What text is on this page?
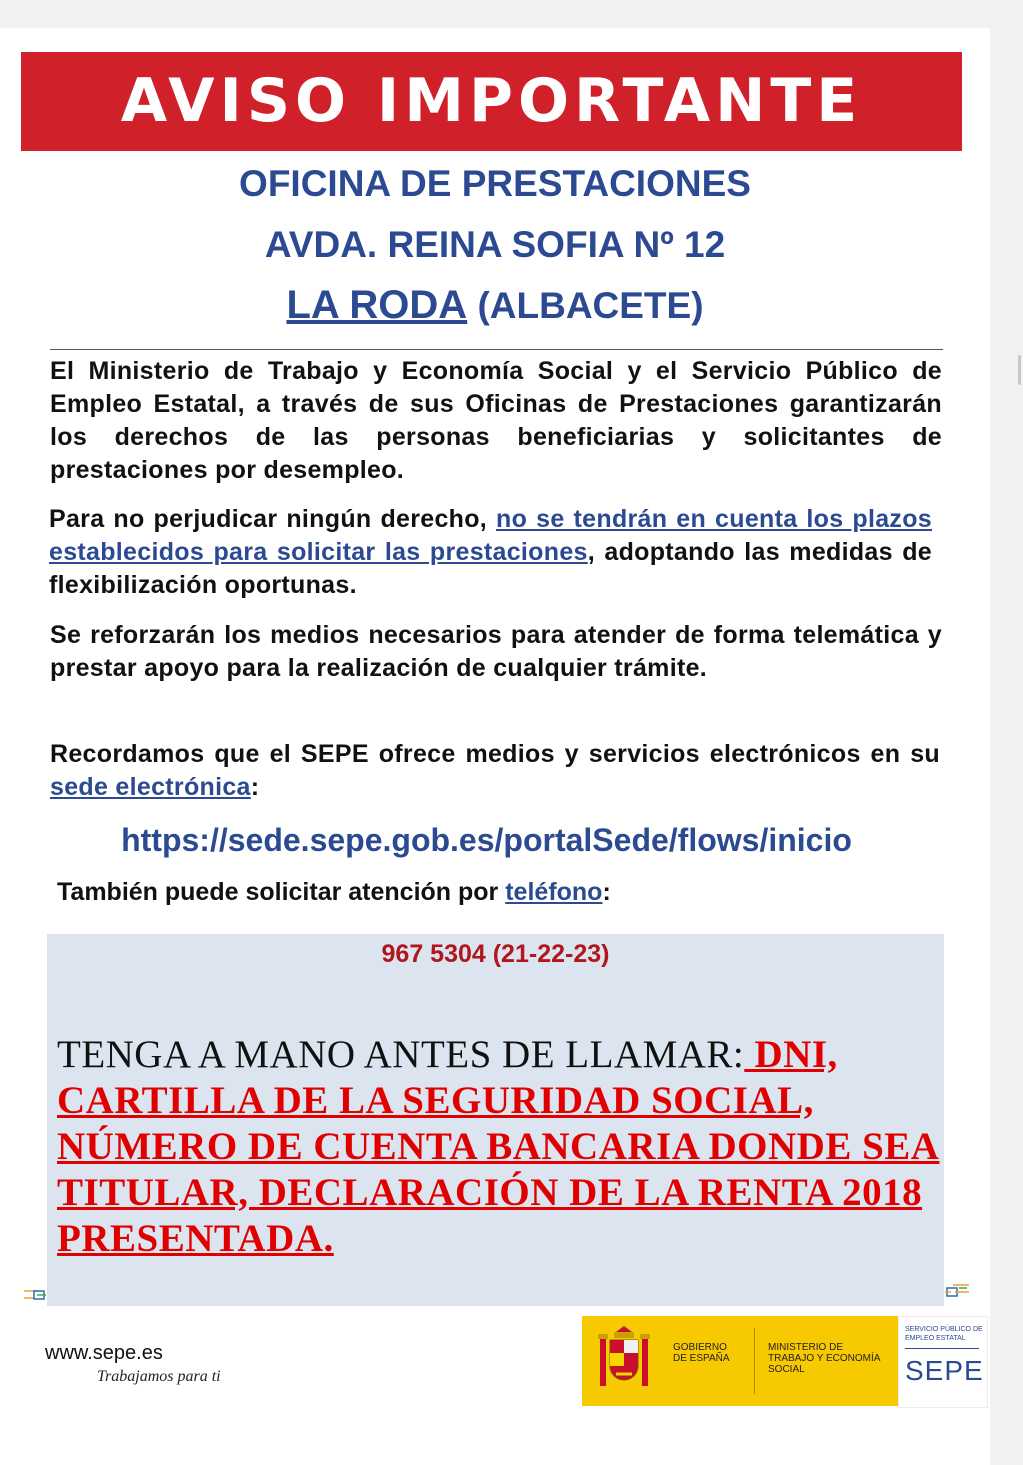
AVISO IMPORTANTE
OFICINA DE PRESTACIONES
AVDA. REINA SOFIA Nº 12
LA RODA (ALBACETE)
El Ministerio de Trabajo y Economía Social y el Servicio Público de Empleo Estatal, a través de sus Oficinas de Prestaciones garantizarán los derechos de las personas beneficiarias y solicitantes de prestaciones por desempleo.
Para no perjudicar ningún derecho, no se tendrán en cuenta los plazos establecidos para solicitar las prestaciones, adoptando las medidas de flexibilización oportunas.
Se reforzarán los medios necesarios para atender de forma telemática y prestar apoyo para la realización de cualquier trámite.
Recordamos que el SEPE ofrece medios y servicios electrónicos en su sede electrónica:
https://sede.sepe.gob.es/portalSede/flows/inicio
También puede solicitar atención por teléfono:
967 5304 (21-22-23)
TENGA A MANO ANTES DE LLAMAR: DNI, CARTILLA DE LA SEGURIDAD SOCIAL, NÚMERO DE CUENTA BANCARIA DONDE SEA TITULAR, DECLARACIÓN DE LA RENTA 2018 PRESENTADA.
www.sepe.es
Trabajamos para ti
GOBIERNO DE ESPAÑA
MINISTERIO DE TRABAJO Y ECONOMÍA SOCIAL
SERVICIO PÚBLICO DE EMPLEO ESTATAL
SEPE
